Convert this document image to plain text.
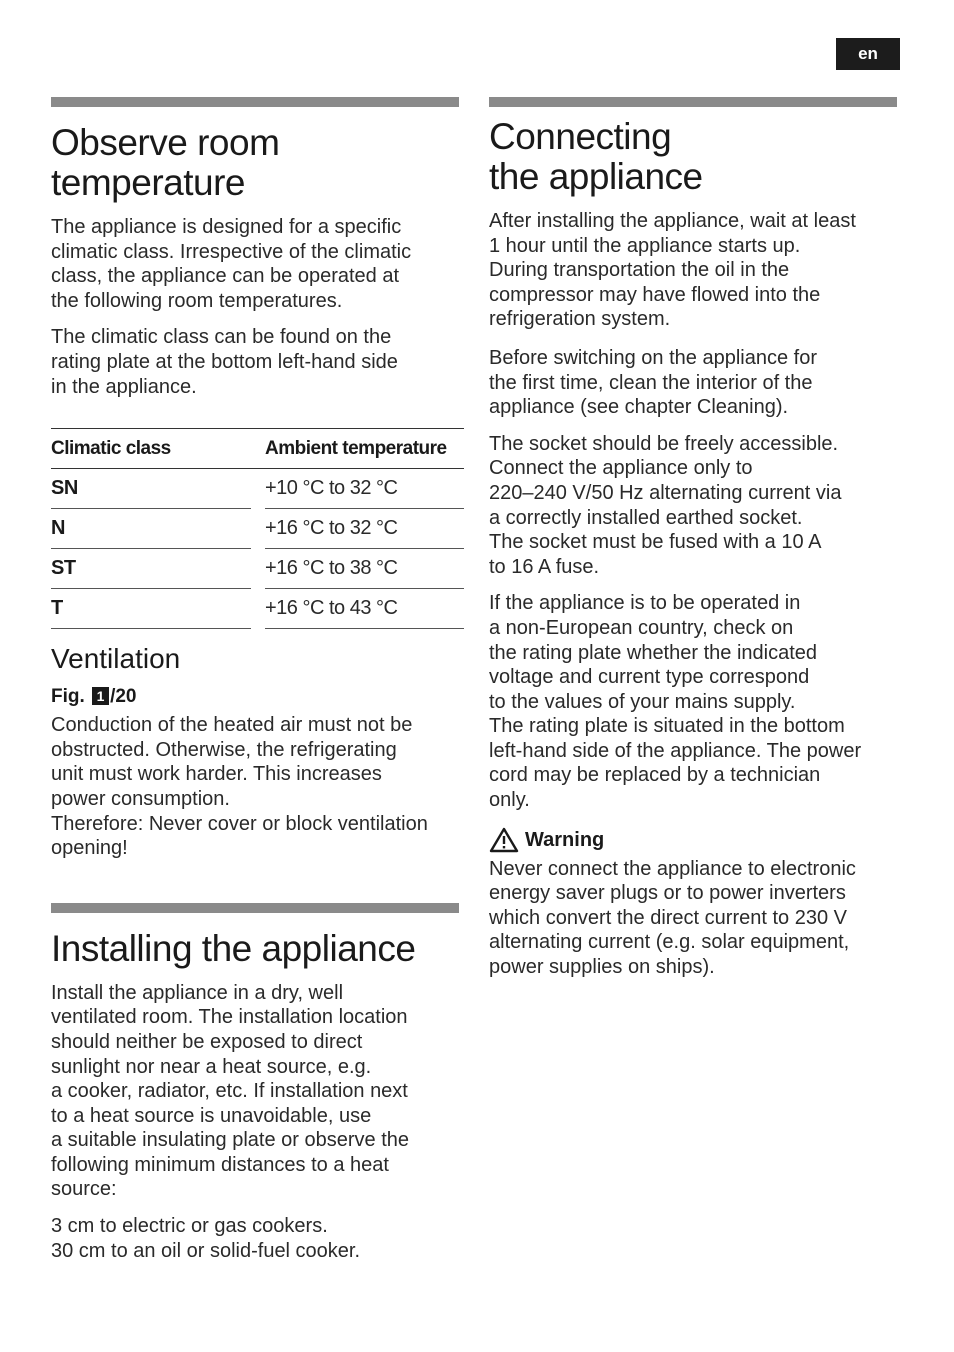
en
Observe room
temperature

The appliance is designed for a specific
climatic class. Irrespective of the climatic
class, the appliance can be operated at
the following room temperatures.

The climatic class can be found on the
rating plate at the bottom left-hand side
in the appliance.

Climatic class		Ambient temperature
SN		+10 °C to 32 °C
N		+16 °C to 32 °C
ST		+16 °C to 38 °C
T		+16 °C to 43 °C
Ventilation
Fig. 1 /20

Conduction of the heated air must not be
obstructed. Otherwise, the refrigerating
unit must work harder. This increases
power consumption.
Therefore: Never cover or block ventilation
opening!

Installing the appliance

Install the appliance in a dry, well
ventilated room. The installation location
should neither be exposed to direct
sunlight nor near a heat source, e.g.
a cooker, radiator, etc. If installation next
to a heat source is unavoidable, use
a suitable insulating plate or observe the
following minimum distances to a heat
source:

3 cm to electric or gas cookers.
30 cm to an oil or solid-fuel cooker.

Connecting
the appliance

After installing the appliance, wait at least
1 hour until the appliance starts up.
During transportation the oil in the
compressor may have flowed into the
refrigeration system.

Before switching on the appliance for
the first time, clean the interior of the
appliance (see chapter Cleaning).

The socket should be freely accessible.
Connect the appliance only to
220–240 V/50 Hz alternating current via
a correctly installed earthed socket.
The socket must be fused with a 10 A
to 16 A fuse.

If the appliance is to be operated in
a non-European country, check on
the rating plate whether the indicated
voltage and current type correspond
to the values of your mains supply.
The rating plate is situated in the bottom
left-hand side of the appliance. The power
cord may be replaced by a technician
only.

Warning

Never connect the appliance to electronic
energy saver plugs or to power inverters
which convert the direct current to 230 V
alternating current (e.g. solar equipment,
power supplies on ships).
